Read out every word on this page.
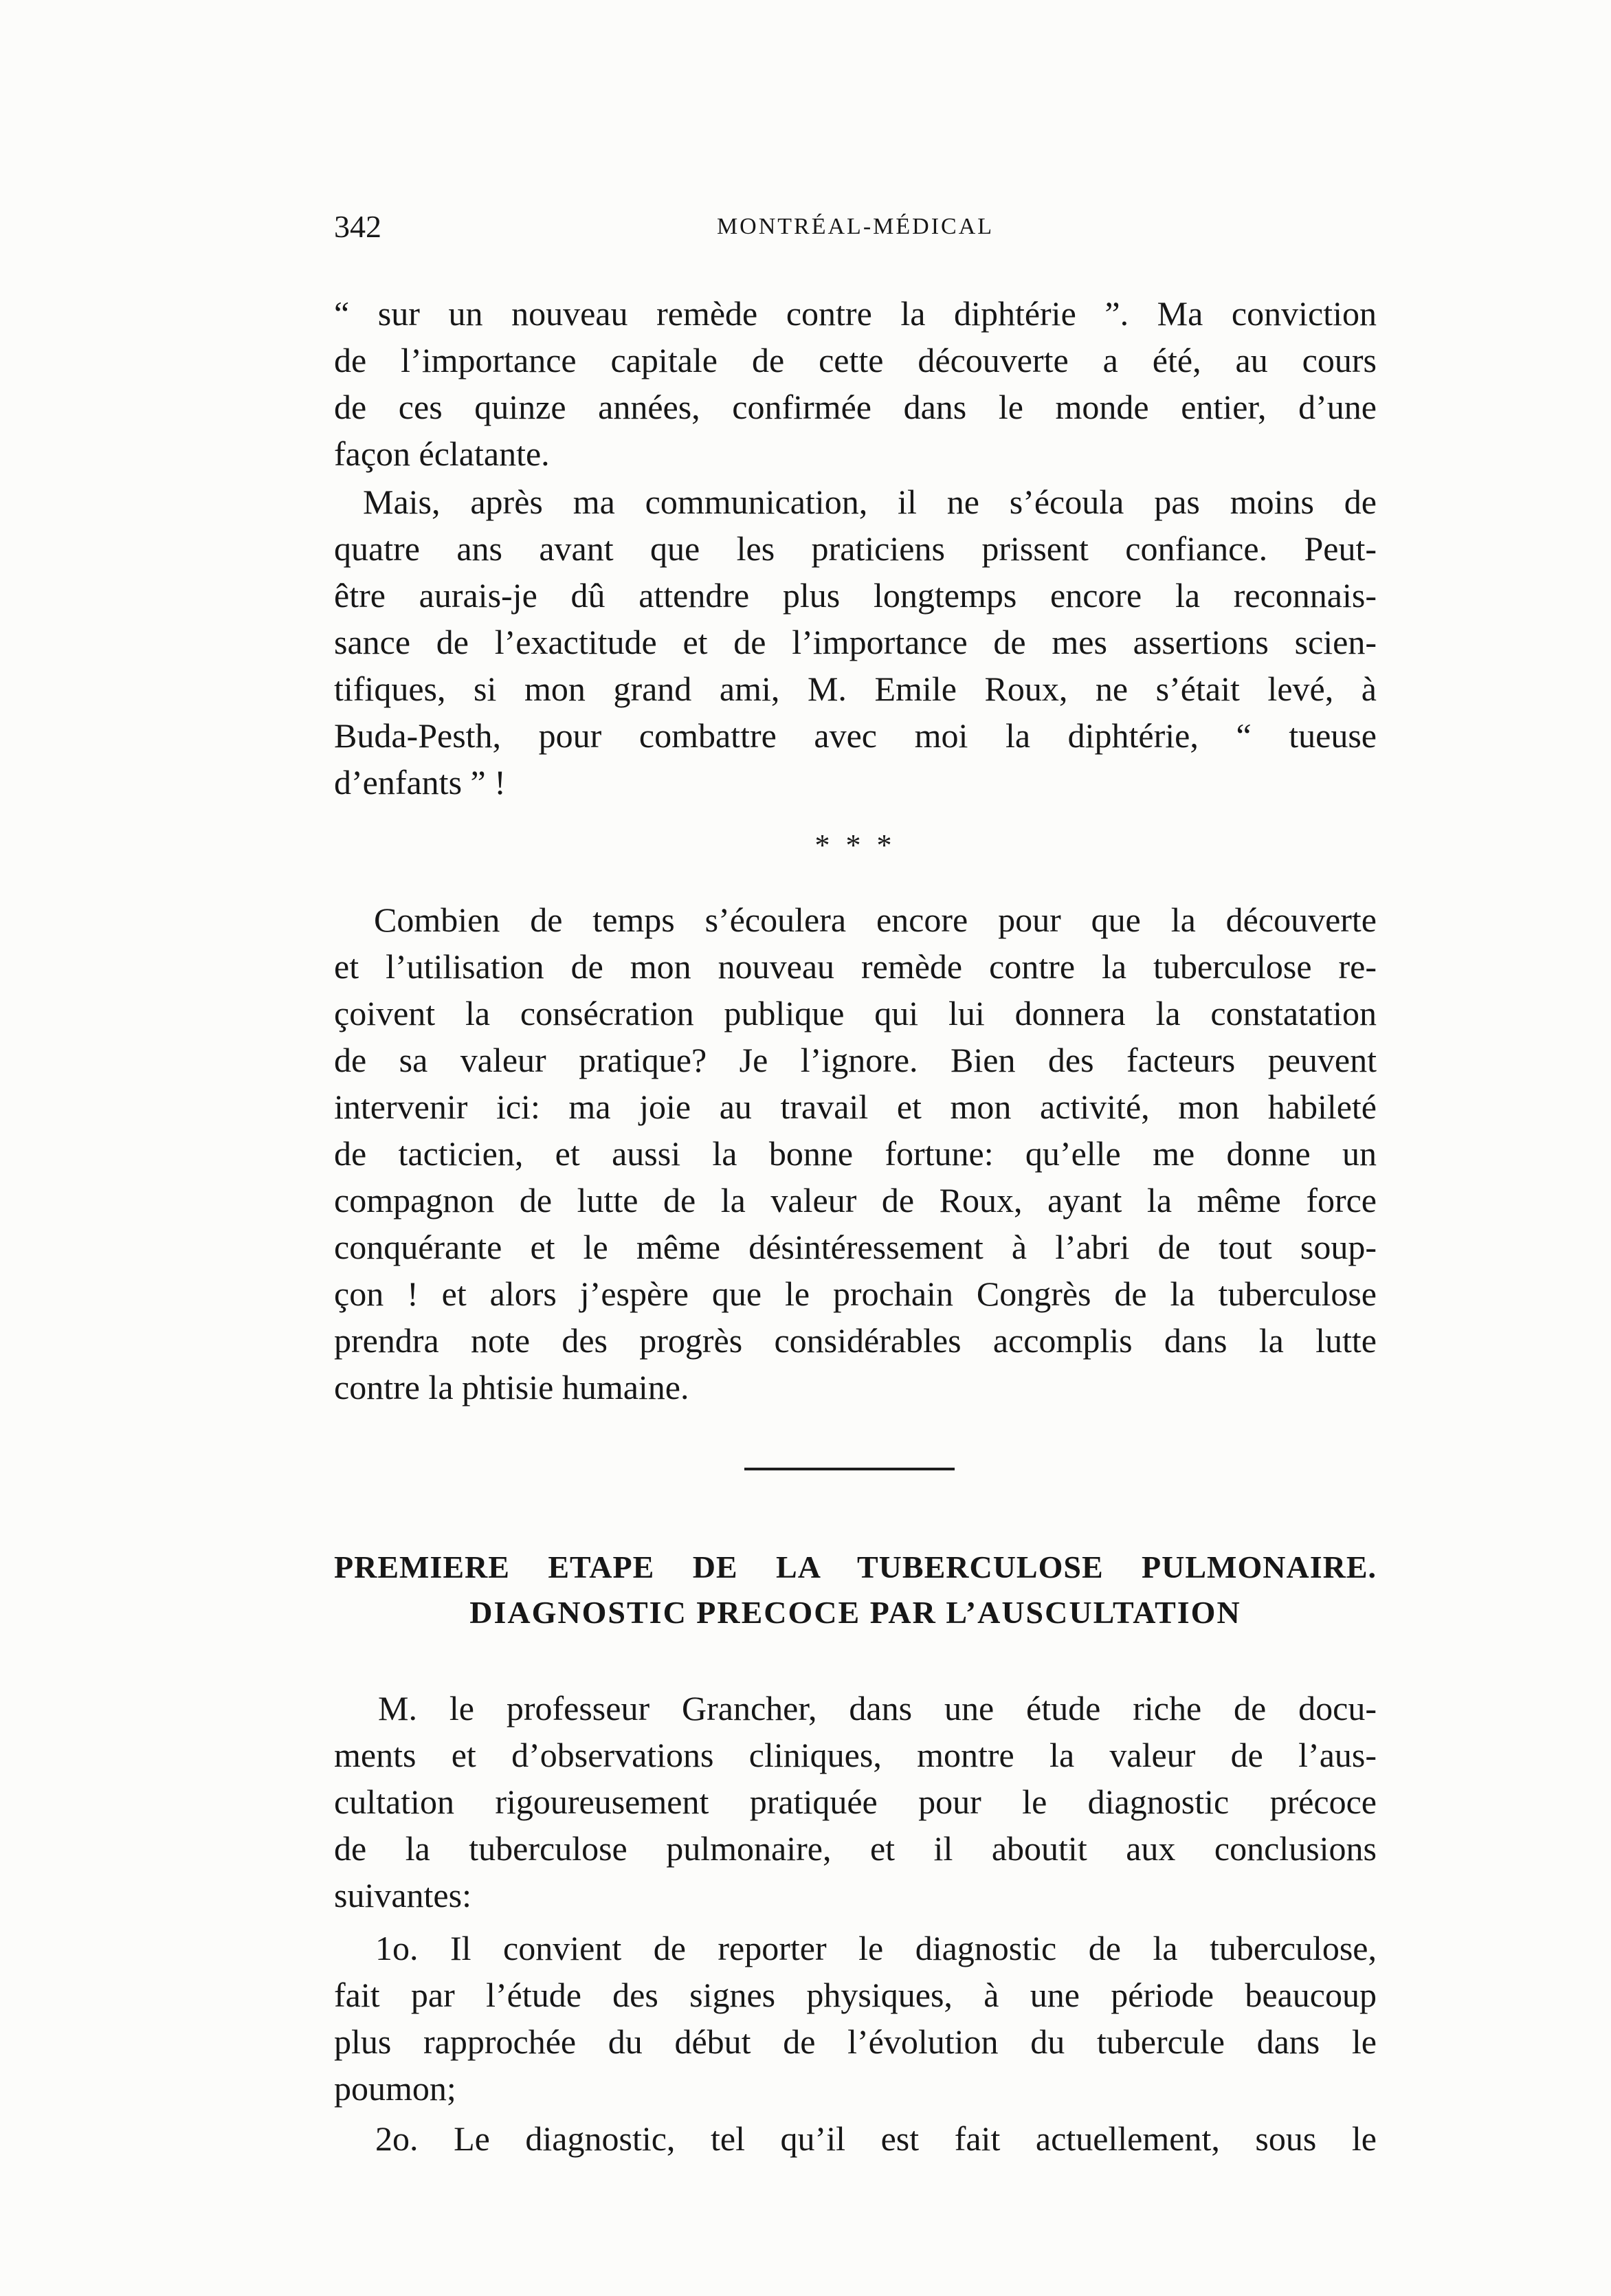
342	MONTRÉAL-MÉDICAL
“ sur un nouveau remède contre la diphtérie ”. Ma conviction
de l’importance capitale de cette découverte a été, au cours
de ces quinze années, confirmée dans le monde entier, d’une
façon éclatante.
Mais, après ma communication, il ne s’écoula pas moins de
quatre ans avant que les praticiens prissent confiance. Peut-
être aurais-je dû attendre plus longtemps encore la reconnais-
sance de l’exactitude et de l’importance de mes assertions scien-
tifiques, si mon grand ami, M. Emile Roux, ne s’était levé, à
Buda-Pesth, pour combattre avec moi la diphtérie, “ tueuse
d’enfants ” !
* * *
Combien de temps s’écoulera encore pour que la découverte
et l’utilisation de mon nouveau remède contre la tuberculose re-
çoivent la consécration publique qui lui donnera la constatation
de sa valeur pratique? Je l’ignore. Bien des facteurs peuvent
intervenir ici: ma joie au travail et mon activité, mon habileté
de tacticien, et aussi la bonne fortune: qu’elle me donne un
compagnon de lutte de la valeur de Roux, ayant la même force
conquérante et le même désintéressement à l’abri de tout soup-
çon ! et alors j’espère que le prochain Congrès de la tuberculose
prendra note des progrès considérables accomplis dans la lutte
contre la phtisie humaine.
PREMIERE ETAPE DE LA TUBERCULOSE PULMONAIRE.
DIAGNOSTIC PRECOCE PAR L’AUSCULTATION
M. le professeur Grancher, dans une étude riche de docu-
ments et d’observations cliniques, montre la valeur de l’aus-
cultation rigoureusement pratiquée pour le diagnostic précoce
de la tuberculose pulmonaire, et il aboutit aux conclusions
suivantes:
1o. Il convient de reporter le diagnostic de la tuberculose,
fait par l’étude des signes physiques, à une période beaucoup
plus rapprochée du début de l’évolution du tubercule dans le
poumon;
2o. Le diagnostic, tel qu’il est fait actuellement, sous le
